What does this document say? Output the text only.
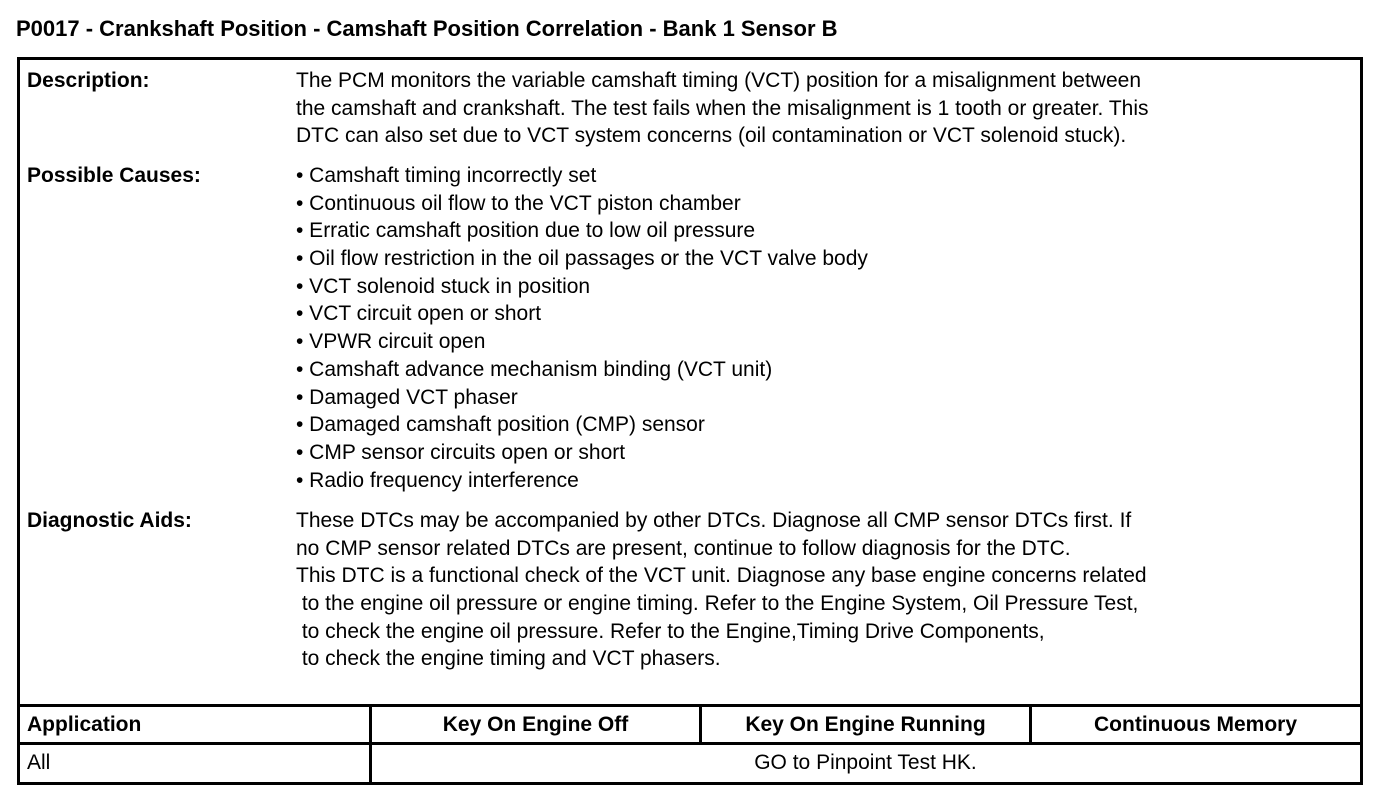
P0017 - Crankshaft Position - Camshaft Position Correlation - Bank 1 Sensor B
Description:	The PCM monitors the variable camshaft timing (VCT) position for a misalignment between
the camshaft and crankshaft. The test fails when the misalignment is 1 tooth or greater. This
DTC can also set due to VCT system concerns (oil contamination or VCT solenoid stuck).
Possible Causes:	• Camshaft timing incorrectly set
• Continuous oil flow to the VCT piston chamber
• Erratic camshaft position due to low oil pressure
• Oil flow restriction in the oil passages or the VCT valve body
• VCT solenoid stuck in position
• VCT circuit open or short
• VPWR circuit open
• Camshaft advance mechanism binding (VCT unit)
• Damaged VCT phaser
• Damaged camshaft position (CMP) sensor
• CMP sensor circuits open or short
• Radio frequency interference
Diagnostic Aids:	These DTCs may be accompanied by other DTCs. Diagnose all CMP sensor DTCs first. If
no CMP sensor related DTCs are present, continue to follow diagnosis for the DTC.
This DTC is a functional check of the VCT unit. Diagnose any base engine concerns related
to the engine oil pressure or engine timing. Refer to the Engine System, Oil Pressure Test,
to check the engine oil pressure. Refer to the Engine,Timing Drive Components,
to check the engine timing and VCT phasers.
Application	Key On Engine Off	Key On Engine Running	Continuous Memory
All	GO to Pinpoint Test HK.
